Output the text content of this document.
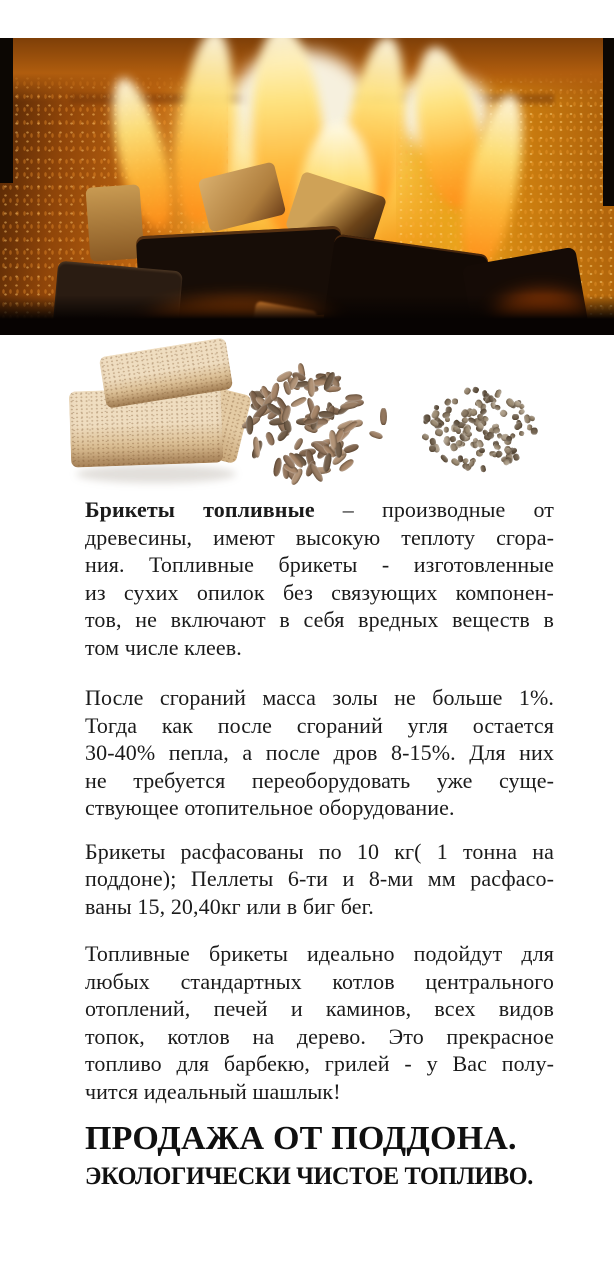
Брикеты топливные – производные от
древесины, имеют высокую теплоту сгора-
ния. Топливные брикеты - изготовленные
из сухих опилок без связующих компонен-
тов, не включают в себя вредных веществ в
том числе клеев.
После сгораний масса золы не больше 1%.
Тогда как после сгораний угля остается
30-40% пепла, а после дров 8-15%. Для них
не требуется переоборудовать уже суще-
ствующее отопительное оборудование.
Брикеты расфасованы по 10 кг( 1 тонна на
поддоне); Пеллеты 6-ти и 8-ми мм расфасо-
ваны 15, 20,40кг или в биг бег.
Топливные брикеты идеально подойдут для
любых стандартных котлов центрального
отоплений, печей и каминов, всех видов
топок, котлов на дерево. Это прекрасное
топливо для барбекю, грилей - у Вас полу-
чится идеальный шашлык!
ПРОДАЖА ОТ ПОДДОНА.
ЭКОЛОГИЧЕСКИ ЧИСТОЕ ТОПЛИВО.
